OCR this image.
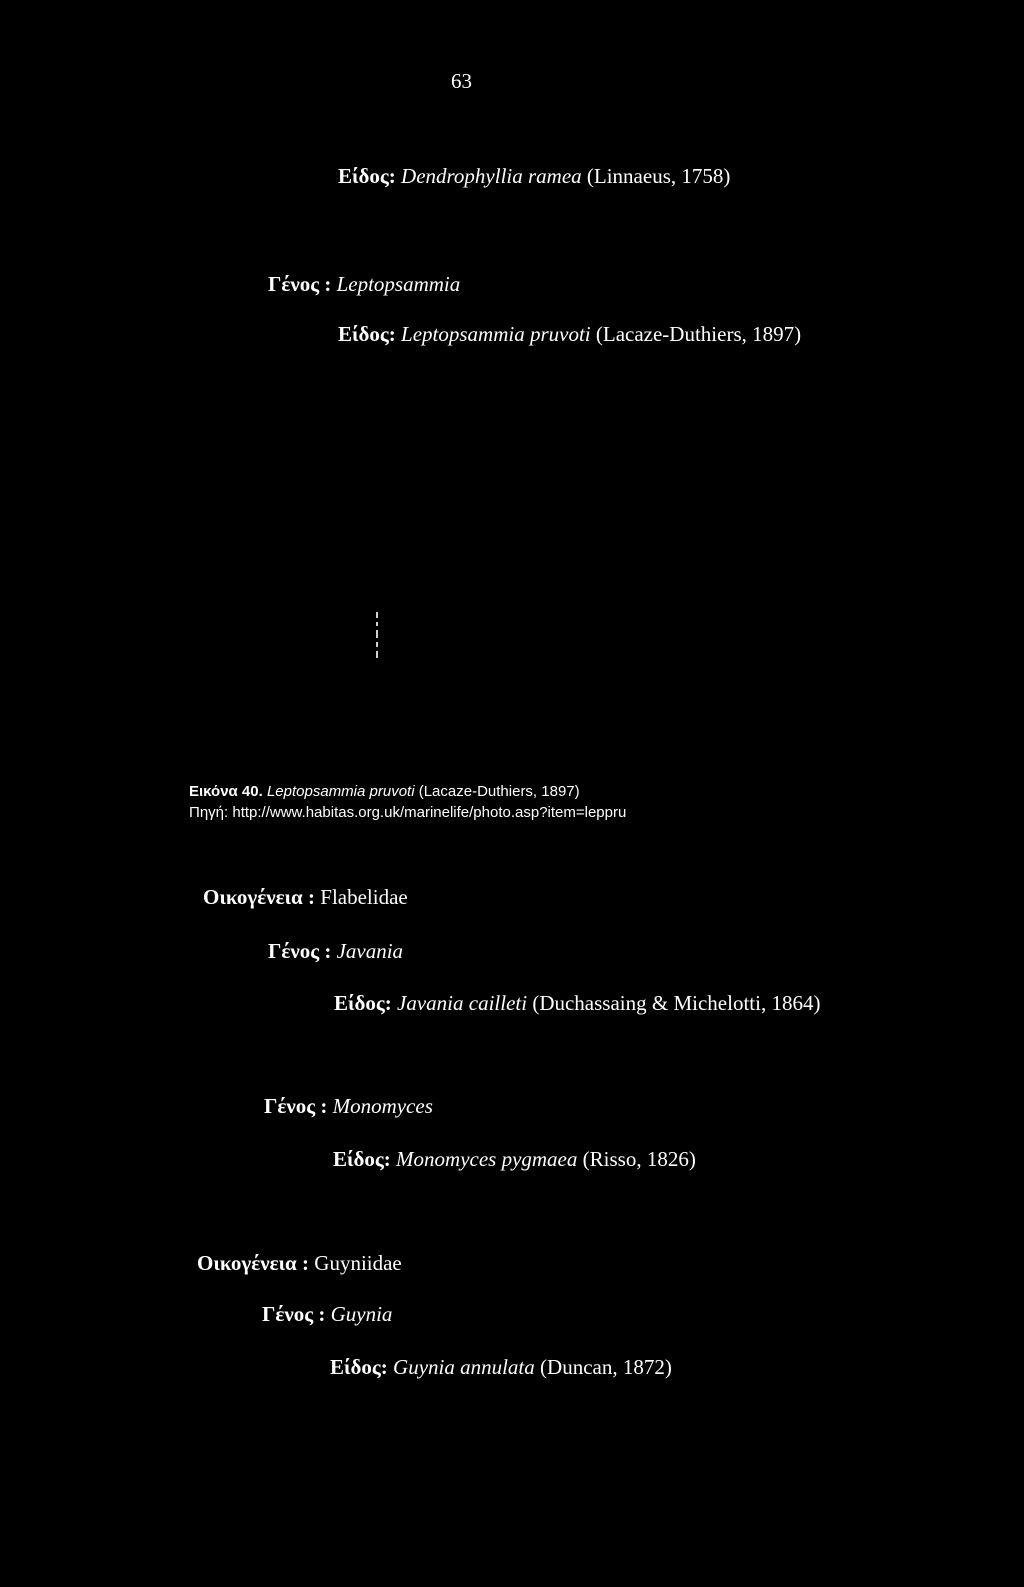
63
Είδος: Dendrophyllia ramea (Linnaeus, 1758)
Γένος : Leptopsammia
Είδος: Leptopsammia pruvoti (Lacaze-Duthiers, 1897)
Εικόνα 40. Leptopsammia pruvoti (Lacaze-Duthiers, 1897)
Πηγή: http://www.habitas.org.uk/marinelife/photo.asp?item=leppru
Οικογένεια : Flabelidae
Γένος : Javania
Είδος: Javania cailleti (Duchassaing & Michelotti, 1864)
Γένος : Monomyces
Είδος: Monomyces pygmaea (Risso, 1826)
Οικογένεια : Guyniidae
Γένος : Guynia
Είδος: Guynia annulata (Duncan, 1872)
